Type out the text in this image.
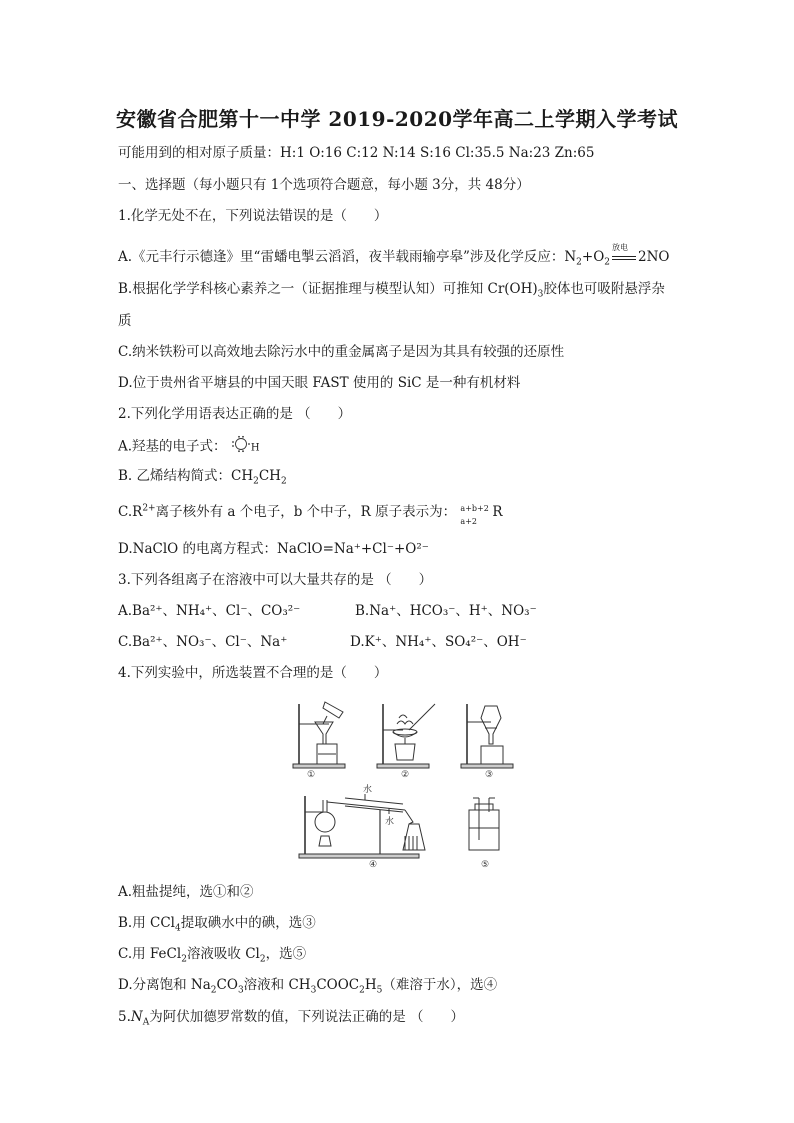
安徽省合肥第十一中学 2019-2020学年高二上学期入学考试
可能用到的相对原子质量：H:1 O:16 C:12 N:14 S:16 Cl:35.5 Na:23 Zn:65
一、选择题（每小题只有 1个选项符合题意，每小题 3分，共 48分）
1.化学无处不在，下列说法错误的是（　　）
A.《元丰行示德逢》里“雷蟠电掣云滔滔，夜半载雨输亭皋”涉及化学反应：$N_2+O_2$
放电
2NO
B.根据化学学科核心素养之一（证据推理与模型认知）可推知 $Cr(OH)_3$胶体也可吸附悬浮杂
质
C.纳米铁粉可以高效地去除污水中的重金属离子是因为其具有较强的还原性
D.位于贵州省平塘县的中国天眼 FAST 使用的 SiC 是一种有机材料
2.下列化学用语表达正确的是 （　　）
A.羟基的电子式： H
B. 乙烯结构简式：$CH_2CH_2$
$C.R^{2+}$离子核外有 a 个电子，b 个中子，R 原子表示为： a+b+2
a+2
R
D.NaClO 的电离方程式：NaClO=Na⁺+Cl⁻+O²⁻
3.下列各组离子在溶液中可以大量共存的是 （　　）
A.Ba²⁺、NH₄⁺、Cl⁻、CO₃²⁻	B.Na⁺、HCO₃⁻、H⁺、NO₃⁻
C.Ba²⁺、NO₃⁻、Cl⁻、Na⁺	D.K⁺、NH₄⁺、SO₄²⁻、OH⁻
4.下列实验中，所选装置不合理的是（　　）
①	②	③
④	⑤
水
水
A.粗盐提纯，选①和②
B.用 CCl$_4$提取碘水中的碘，选③
C.用 FeCl$_2$溶液吸收 $Cl_2$，选⑤
D.分离饱和 $Na_2CO_3$溶液和 $CH_3COOC_2H_5$（难溶于水），选④
$5.N_A$为阿伏加德罗常数的值，下列说法正确的是 （　　）
